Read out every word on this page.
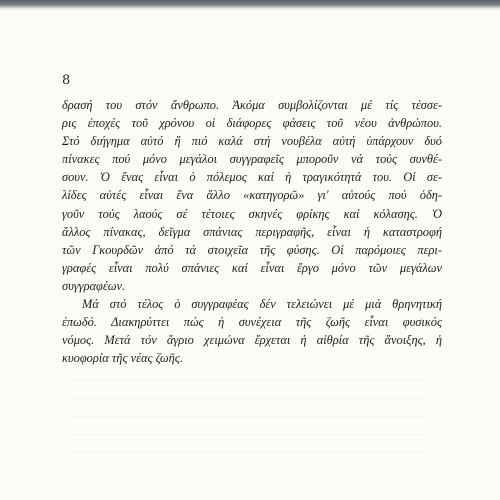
8

δρασή του στόν ἄνθρωπο. Ἀκόμα συμβολίζονται μέ τίς τέσσε-
ρις ἐποχές τοῦ χρόνου οἱ διάφορες φάσεις τοῦ νέου ἀνθρώπου.
Στό διήγημα αὐτό ἤ πιό καλά στή νουβέλα αὐτή ὑπάρχουν δυό
πίνακες πού μόνο μεγάλοι συγγραφεῖς μποροῦν νά τούς συνθέ-
σουν. Ὁ ἕνας εἶναι ὁ πόλεμος καί ἡ τραγικότητά του. Οἱ σε-
λίδες αὐτές εἶναι ἕνα ἄλλο «κατηγορῶ» γι' αὐτούς πού ὁδη-
γοῦν τούς λαούς σέ τέτοιες σκηνές φρίκης καί κόλασης. Ὁ
ἄλλος πίνακας, δεῖγμα σπάνιας περιγραφῆς, εἶναι ἡ καταστροφή
τῶν Γκουρδῶν ἀπό τά στοιχεῖα τῆς φύσης. Οἱ παρόμοιες περι-
γραφές εἶναι πολύ σπάνιες καί εἶναι ἔργο μόνο τῶν μεγάλων
συγγραφέων.

Μά στό τέλος ὁ συγγραφέας δέν τελειώνει μέ μιά θρηνητική
ἐπωδό. Διακηρύττει πώς ἡ συνέχεια τῆς ζωῆς εἶναι φυσικός
νόμος. Μετά τόν ἄγριο χειμώνα ἔρχεται ἡ αἰθρία τῆς ἄνοιξης, ἡ
κυοφορία τῆς νέας ζωῆς.
